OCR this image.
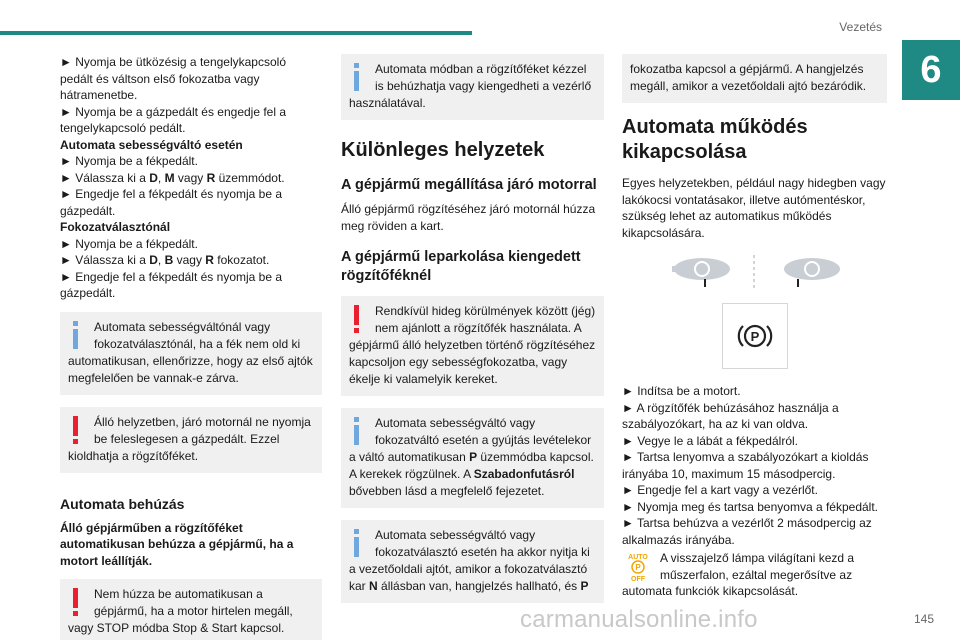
Vezetés
6
► Nyomja be ütközésig a tengelykapcsoló pedált és váltson első fokozatba vagy hátramenetbe.
► Nyomja be a gázpedált és engedje fel a tengelykapcsoló pedált.
Automata sebességváltó esetén
► Nyomja be a fékpedált.
► Válassza ki a D, M vagy R üzemmódot.
► Engedje fel a fékpedált és nyomja be a gázpedált.
Fokozatválasztónál
► Nyomja be a fékpedált.
► Válassza ki a D, B vagy R fokozatot.
► Engedje fel a fékpedált és nyomja be a gázpedált.
Automata sebességváltónál vagy fokozatválasztónál, ha a fék nem old ki automatikusan, ellenőrizze, hogy az első ajtók megfelelően be vannak-e zárva.
Álló helyzetben, járó motornál ne nyomja be feleslegesen a gázpedált. Ezzel kioldhatja a rögzítőféket.
Automata behúzás
Álló gépjárműben a rögzítőféket automatikusan behúzza a gépjármű, ha a motort leállítják.
Nem húzza be automatikusan a gépjármű, ha a motor hirtelen megáll, vagy STOP módba Stop & Start kapcsol.
Automata módban a rögzítőféket kézzel is behúzhatja vagy kiengedheti a vezérlő használatával.
Különleges helyzetek
A gépjármű megállítása járó motorral
Álló gépjármű rögzítéséhez járó motornál húzza meg röviden a kart.
A gépjármű leparkolása kiengedett rögzítőféknél
Rendkívül hideg körülmények között (jég) nem ajánlott a rögzítőfék használata. A gépjármű álló helyzetben történő rögzítéséhez kapcsoljon egy sebességfokozatba, vagy ékelje ki valamelyik kereket.
Automata sebességváltó vagy fokozatváltó esetén a gyújtás levételekor a váltó automatikusan P üzemmódba kapcsol. A kerekek rögzülnek. A Szabadonfutásról bővebben lásd a megfelelő fejezetet.
Automata sebességváltó vagy fokozatválasztó esetén ha akkor nyitja ki a vezetőoldali ajtót, amikor a fokozatválasztó kar N állásban van, hangjelzés hallható, és P
fokozatba kapcsol a gépjármű. A hangjelzés megáll, amikor a vezetőoldali ajtó bezáródik.
Automata működés kikapcsolása
Egyes helyzetekben, például nagy hidegben vagy lakókocsi vontatásakor, illetve autómentéskor, szükség lehet az automatikus működés kikapcsolására.
P
► Indítsa be a motort.
► A rögzítőfék behúzásához használja a szabályozókart, ha az ki van oldva.
► Vegye le a lábát a fékpedálról.
► Tartsa lenyomva a szabályozókart a kioldás irányába 10, maximum 15 másodpercig.
► Engedje fel a kart vagy a vezérlőt.
► Nyomja meg és tartsa benyomva a fékpedált.
► Tartsa behúzva a vezérlőt 2 másodpercig az alkalmazás irányába.
AUTO
P
OFF
A visszajelző lámpa világítani kezd a műszerfalon, ezáltal megerősítve az automata funkciók kikapcsolását.
carmanualsonline.info	145
